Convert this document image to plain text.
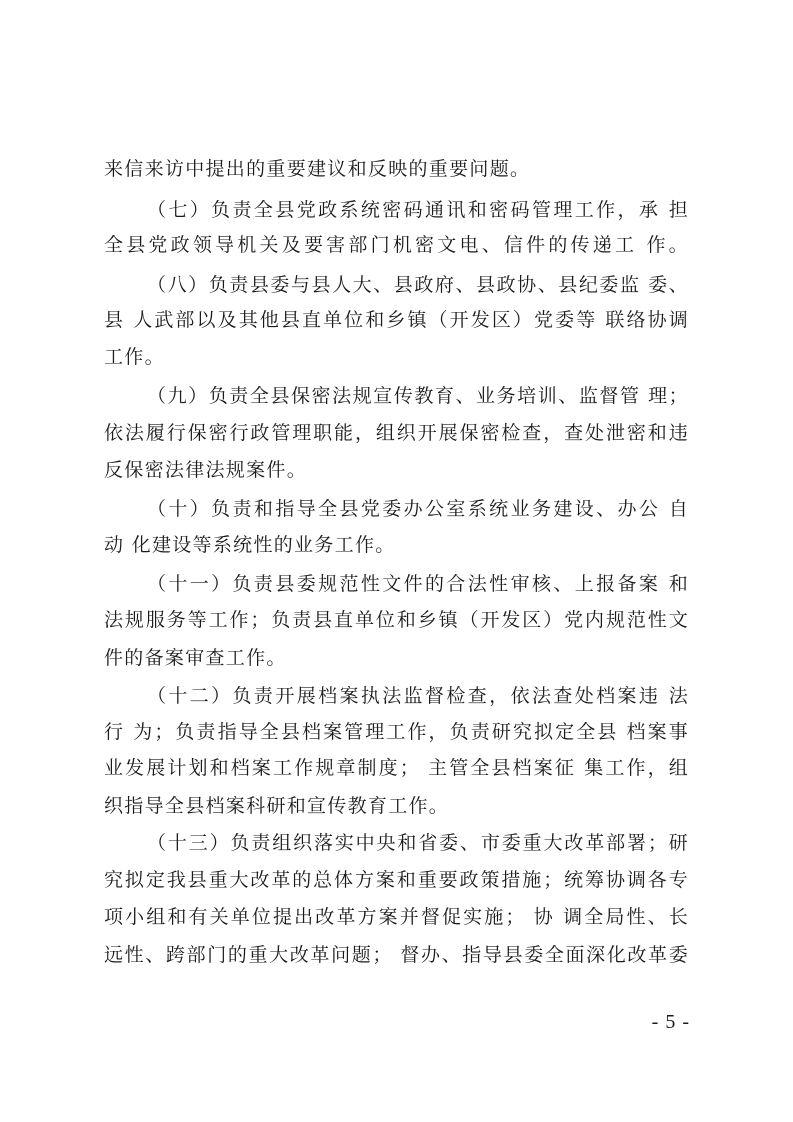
来信来访中提出的重要建议和反映的重要问题。
（七）负责全县党政系统密码通讯和密码管理工作，承 担
全县党政领导机关及要害部门机密文电、信件的传递工 作。
（八）负责县委与县人大、县政府、县政协、县纪委监 委、
县 人武部以及其他县直单位和乡镇（开发区）党委等 联络协调
工作。
（九）负责全县保密法规宣传教育、业务培训、监督管 理；
依法履行保密行政管理职能，组织开展保密检查，查处泄密和违
反保密法律法规案件。
（十）负责和指导全县党委办公室系统业务建设、办公 自
动 化建设等系统性的业务工作。
（十一）负责县委规范性文件的合法性审核、上报备案 和
法规服务等工作；负责县直单位和乡镇（开发区）党内规范性文
件的备案审查工作。
（十二）负责开展档案执法监督检查，依法查处档案违 法
行 为；负责指导全县档案管理工作，负责研究拟定全县 档案事
业发展计划和档案工作规章制度； 主管全县档案征 集工作，组
织指导全县档案科研和宣传教育工作。
（十三）负责组织落实中央和省委、市委重大改革部署；研
究拟定我县重大改革的总体方案和重要政策措施；统筹协调各专
项小组和有关单位提出改革方案并督促实施； 协 调全局性、长
远性、跨部门的重大改革问题； 督办、指导县委全面深化改革委
- 5 -
